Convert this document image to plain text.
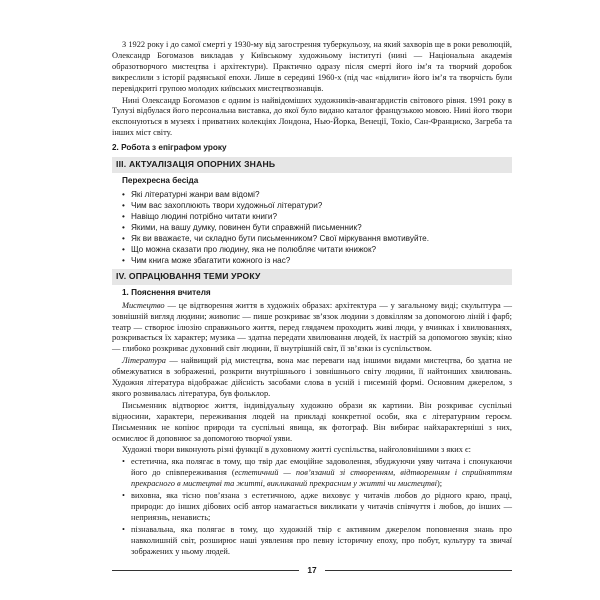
З 1922 року і до самої смерті у 1930-му від загострення туберкульозу, на який захворів ще в роки революцій, Олександр Богомазов викладав у Київському художньому інституті (нині — Національна академія образотворчого мистецтва і архітектури). Практично одразу після смерті його ім’я та творчий доробок викреслили з історії радянської епохи. Лише в середині 1960-х (під час «відлиги» його ім’я та творчість були перевідкриті групою молодих київських мистецтвознавців.

Нині Олександр Богомазов є одним із найвідоміших художників-авангардистів світового рівня. 1991 року в Тулузі відбулася його персональна виставка, до якої було видано каталог французькою мовою. Нині його твори експонуються в музеях і приватних колекціях Лондона, Нью-Йорка, Венеції, Токіо, Сан-Франциско, Загреба та інших міст світу.

2. Робота з епіграфом уроку
ІІІ. АКТУАЛІЗАЦІЯ ОПОРНИХ ЗНАНЬ
Перехресна бесіда
• Які літературні жанри вам відомі?
• Чим вас захоплюють твори художньої літератури?
• Навіщо людині потрібно читати книги?
• Якими, на вашу думку, повинен бути справжній письменник?
• Як ви вважаєте, чи складно бути письменником? Свої міркування вмотивуйте.
• Що можна сказати про людину, яка не полюбляє читати книжок?
• Чим книга може збагатити кожного із нас?
ІV. ОПРАЦЮВАННЯ ТЕМИ УРОКУ
1. Пояснення вчителя

Мистецтво — це відтворення життя в художніх образах: архітектура — у загальному виді; скульптура — зовнішній вигляд людини; живопис — пише розкриває зв’язок людини з довкіллям за допомогою ліній і фарб; театр — створює ілюзію справжнього життя, перед глядачем проходить живі люди, у вчинках і хвилюваннях, розкривається їх характер; музика — здатна передати хвилювання людей, їх настрій за допомогою звуків; кіно — глибоко розкриває духовний світ людини, її внутрішній світ, її зв’язки із суспільством.

Література — найвищий рід мистецтва, вона має переваги над іншими видами мистецтва, бо здатна не обмежуватися в зображенні, розкрити внутрішнього і зовнішнього світу людини, її найтонших хвилювань. Художня література відображає дійсність засобами слова в усній і писемній формі. Основним джерелом, з якого розвивалась література, був фольклор.

Письменник відтворює життя, індивідуальну художню образи як картини. Він розкриває суспільні відносини, характери, переживання людей на прикладі конкретної особи, яка є літературним героєм. Письменник не копіює природи та суспільні явища, як фотограф. Він вибирає найхарактерніші з них, осмислює й доповнює за допомогою творчої уяви.

Художні твори виконують різні функції в духовному житті суспільства, найголовнішими з яких є:

• естетична, яка полягає в тому, що твір дає емоційне задоволення, збуджуючи уяву читача і спонукаючи його до співпереживання (естетичний — пов’язаний зі створенням, відтворенням і сприйняттям прекрасного в мистецтві та житті, викликаний прекрасним у житті чи мистецтві);
• виховна, яка тісно пов’язана з естетичною, адже виховує у читачів любов до рідного краю, праці, природи: до інших дібових осіб автор намагається викликати у читачів співчуття і любов, до інших — неприязнь, ненависть;
• пізнавальна, яка полягає в тому, що художній твір є активним джерелом поповнення знань про навколишній світ, розширює наші уявлення про певну історичну епоху, про побут, культуру та звичаї зображених у ньому людей.
17
